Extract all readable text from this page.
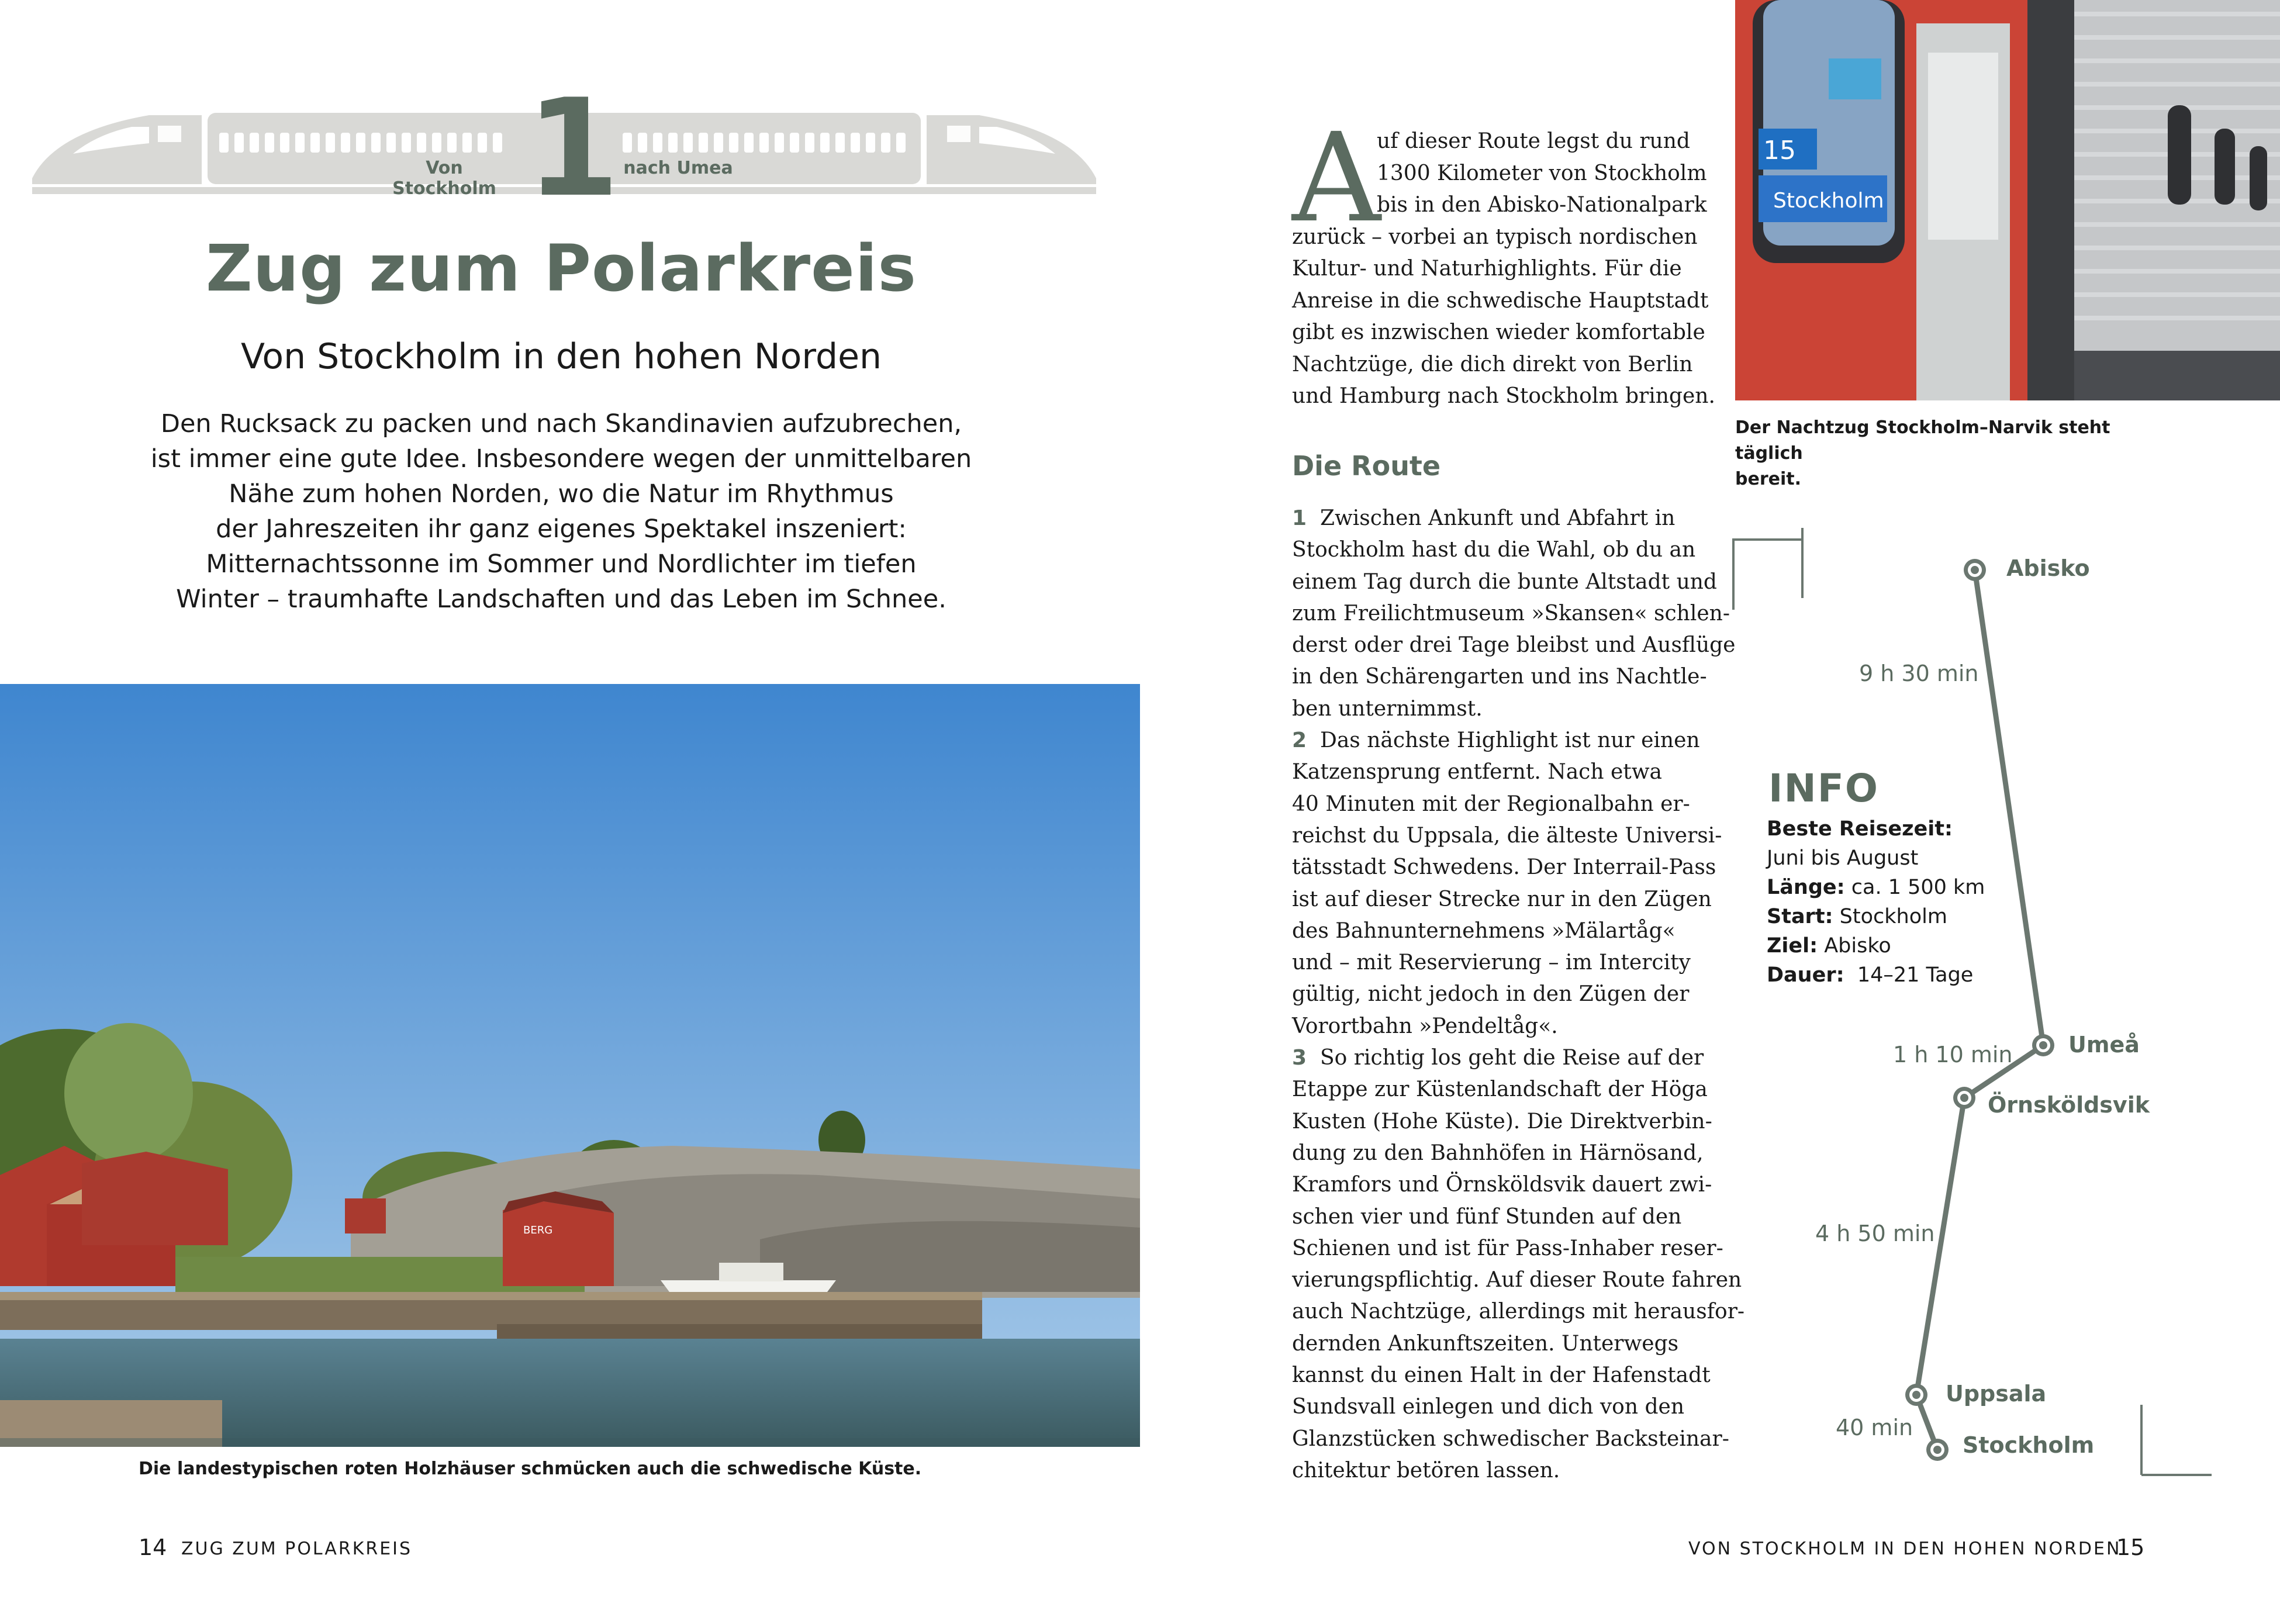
1
Von Stockholm
nach Umea
Zug zum Polarkreis
Von Stockholm in den hohen Norden
Den Rucksack zu packen und nach Skandinavien aufzubrechen,
ist immer eine gute Idee. Insbesondere wegen der unmittelbaren
Nähe zum hohen Norden, wo die Natur im Rhythmus
der Jahreszeiten ihr ganz eigenes Spektakel inszeniert:
Mitternachtssonne im Sommer und Nordlichter im tiefen
Winter – traumhafte Landschaften und das Leben im Schnee.
BERG
Die landestypischen roten Holzhäuser schmücken auch die schwedische Küste.
14 ZUG ZUM POLARKREIS
A

uf dieser Route legst du rund

1300 Kilometer von Stockholm

bis in den Abisko-Nationalpark

zurück – vorbei an typisch nordischen

Kultur- und Naturhighlights. Für die

Anreise in die schwedische Hauptstadt

gibt es inzwischen wieder komfortable

Nachtzüge, die dich direkt von Berlin

und Hamburg nach Stockholm bringen.

Die Route

1 Zwischen Ankunft und Abfahrt in

Stockholm hast du die Wahl, ob du an

einem Tag durch die bunte Altstadt und

zum Freilichtmuseum »Skansen« schlen-

derst oder drei Tage bleibst und Ausflüge

in den Schärengarten und ins Nachtle-

ben unternimmst.

2 Das nächste Highlight ist nur einen

Katzensprung entfernt. Nach etwa

40 Minuten mit der Regionalbahn er-

reichst du Uppsala, die älteste Universi-

tätsstadt Schwedens. Der Interrail-Pass

ist auf dieser Strecke nur in den Zügen

des Bahnunternehmens »Mälartåg«

und – mit Reservierung – im Intercity

gültig, nicht jedoch in den Zügen der

Vorortbahn »Pendeltåg«.

3 So richtig los geht die Reise auf der

Etappe zur Küstenlandschaft der Höga

Kusten (Hohe Küste). Die Direktverbin-

dung zu den Bahnhöfen in Härnösand,

Kramfors und Örnsköldsvik dauert zwi-

schen vier und fünf Stunden auf den

Schienen und ist für Pass-Inhaber reser-

vierungspflichtig. Auf dieser Route fahren

auch Nachtzüge, allerdings mit herausfor-

dernden Ankunftszeiten. Unterwegs

kannst du einen Halt in der Hafenstadt

Sundsvall einlegen und dich von den

Glanzstücken schwedischer Backsteinar-

chitektur betören lassen.

15
Stockholm
Der Nachtzug Stockholm–Narvik steht täglich
bereit.
INFO

Beste Reisezeit:

Juni bis August

Länge: ca. 1 500 km

Start: Stockholm

Ziel: Abisko

Dauer:  14–21 Tage

Abisko
Umeå
Örnsköldsvik
Uppsala
Stockholm
9 h 30 min
1 h 10 min
4 h 50 min
40 min
VON STOCKHOLM IN DEN HOHEN NORDEN
15
